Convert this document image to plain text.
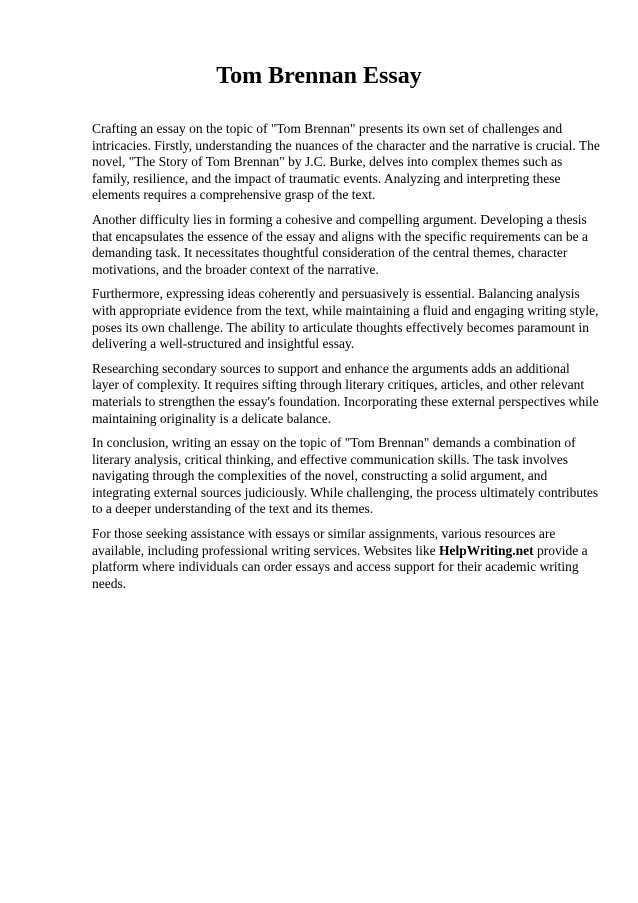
Tom Brennan Essay

Crafting an essay on the topic of "Tom Brennan" presents its own set of challenges and intricacies. Firstly, understanding the nuances of the character and the narrative is crucial. The novel, "The Story of Tom Brennan" by J.C. Burke, delves into complex themes such as family, resilience, and the impact of traumatic events. Analyzing and interpreting these elements requires a comprehensive grasp of the text.

Another difficulty lies in forming a cohesive and compelling argument. Developing a thesis that encapsulates the essence of the essay and aligns with the specific requirements can be a demanding task. It necessitates thoughtful consideration of the central themes, character motivations, and the broader context of the narrative.

Furthermore, expressing ideas coherently and persuasively is essential. Balancing analysis with appropriate evidence from the text, while maintaining a fluid and engaging writing style, poses its own challenge. The ability to articulate thoughts effectively becomes paramount in delivering a well-structured and insightful essay.

Researching secondary sources to support and enhance the arguments adds an additional layer of complexity. It requires sifting through literary critiques, articles, and other relevant materials to strengthen the essay's foundation. Incorporating these external perspectives while maintaining originality is a delicate balance.

In conclusion, writing an essay on the topic of "Tom Brennan" demands a combination of literary analysis, critical thinking, and effective communication skills. The task involves navigating through the complexities of the novel, constructing a solid argument, and integrating external sources judiciously. While challenging, the process ultimately contributes to a deeper understanding of the text and its themes.

For those seeking assistance with essays or similar assignments, various resources are available, including professional writing services. Websites like HelpWriting.net provide a platform where individuals can order essays and access support for their academic writing needs.
